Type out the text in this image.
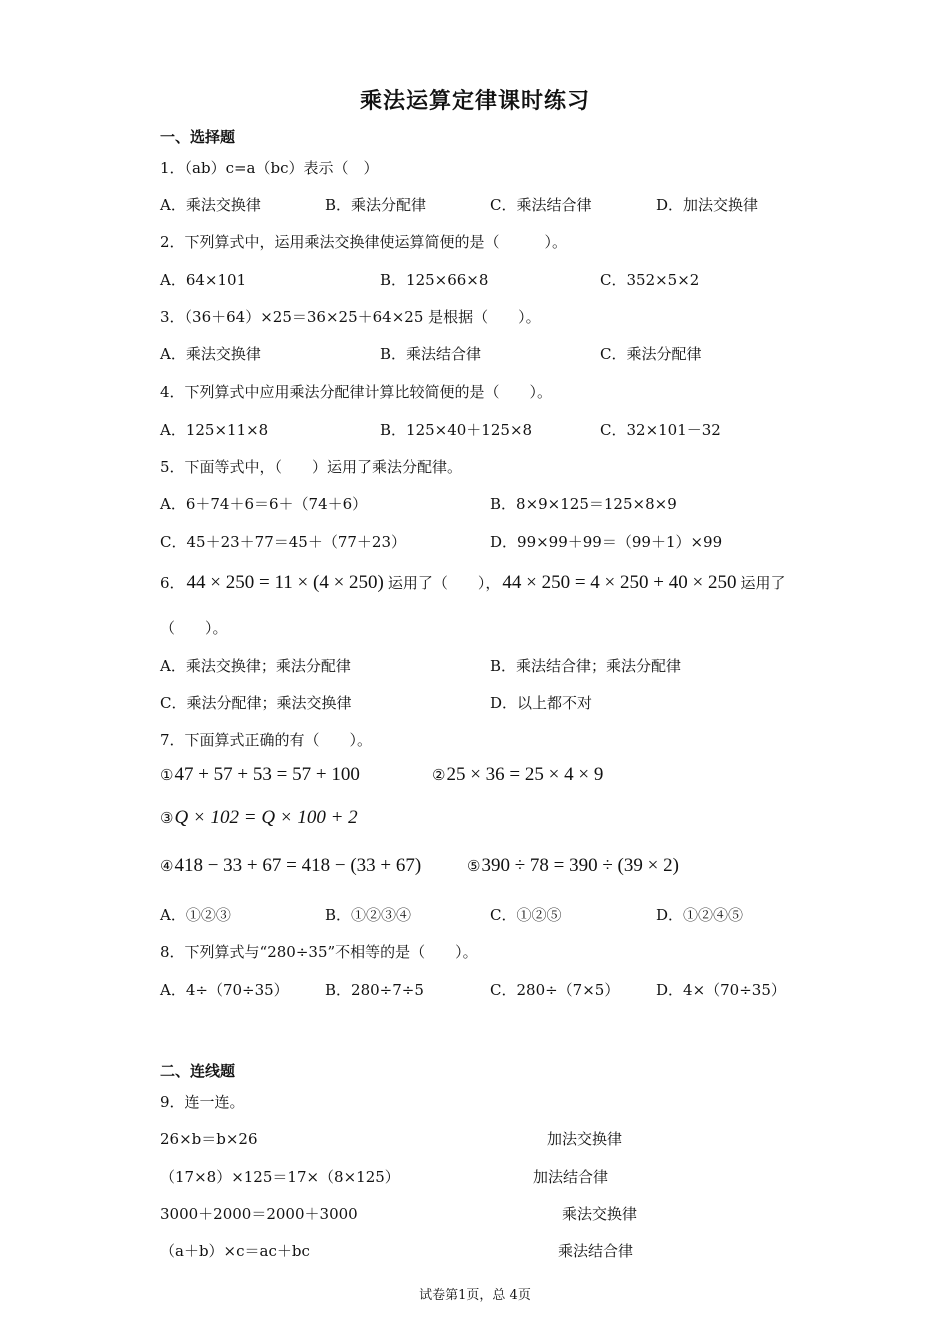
乘法运算定律课时练习
一、选择题
1．（ab）c=a（bc）表示（　）
A．乘法交换律	B．乘法分配律	C．乘法结合律	D．加法交换律
2．下列算式中，运用乘法交换律使运算简便的是（　　　）。
A．64×101	B．125×66×8	C．352×5×2
3．（36＋64）×25＝36×25＋64×25 是根据（　　）。
A．乘法交换律	B．乘法结合律	C．乘法分配律
4．下列算式中应用乘法分配律计算比较简便的是（　　）。
A．125×11×8	B．125×40＋125×8	C．32×101－32
5．下面等式中，（　　）运用了乘法分配律。
A．6＋74＋6＝6＋（74＋6）	B．8×9×125＝125×8×9
C．45＋23＋77＝45＋（77＋23）	D．99×99＋99＝（99＋1）×99
6． 44 × 250 = 11 × (4 × 250) 运用了（　　）， 44 × 250 = 4 × 250 + 40 × 250 运用了
（　　）。
A．乘法交换律；乘法分配律	B．乘法结合律；乘法分配律
C．乘法分配律；乘法交换律	D．以上都不对
7．下面算式正确的有（　　）。
① 47 + 57 + 53 = 57 + 100	② 25 × 36 = 25 × 4 × 9
③ Q × 102 = Q × 100 + 2
④ 418 − 33 + 67 = 418 − (33 + 67)	⑤ 390 ÷ 78 = 390 ÷ (39 × 2)
A．①②③	B．①②③④	C．①②⑤	D．①②④⑤
8．下列算式与“280÷35”不相等的是（　　）。
A．4÷（70÷35） B．280÷7÷5	C．280÷（7×5） D．4×（70÷35）
二、连线题
9．连一连。
26×b＝b×26	加法交换律
（17×8）×125＝17×（8×125）	加法结合律
3000＋2000＝2000＋3000	乘法交换律
（a＋b）×c＝ac＋bc	乘法结合律
试卷第1页，总 4页
